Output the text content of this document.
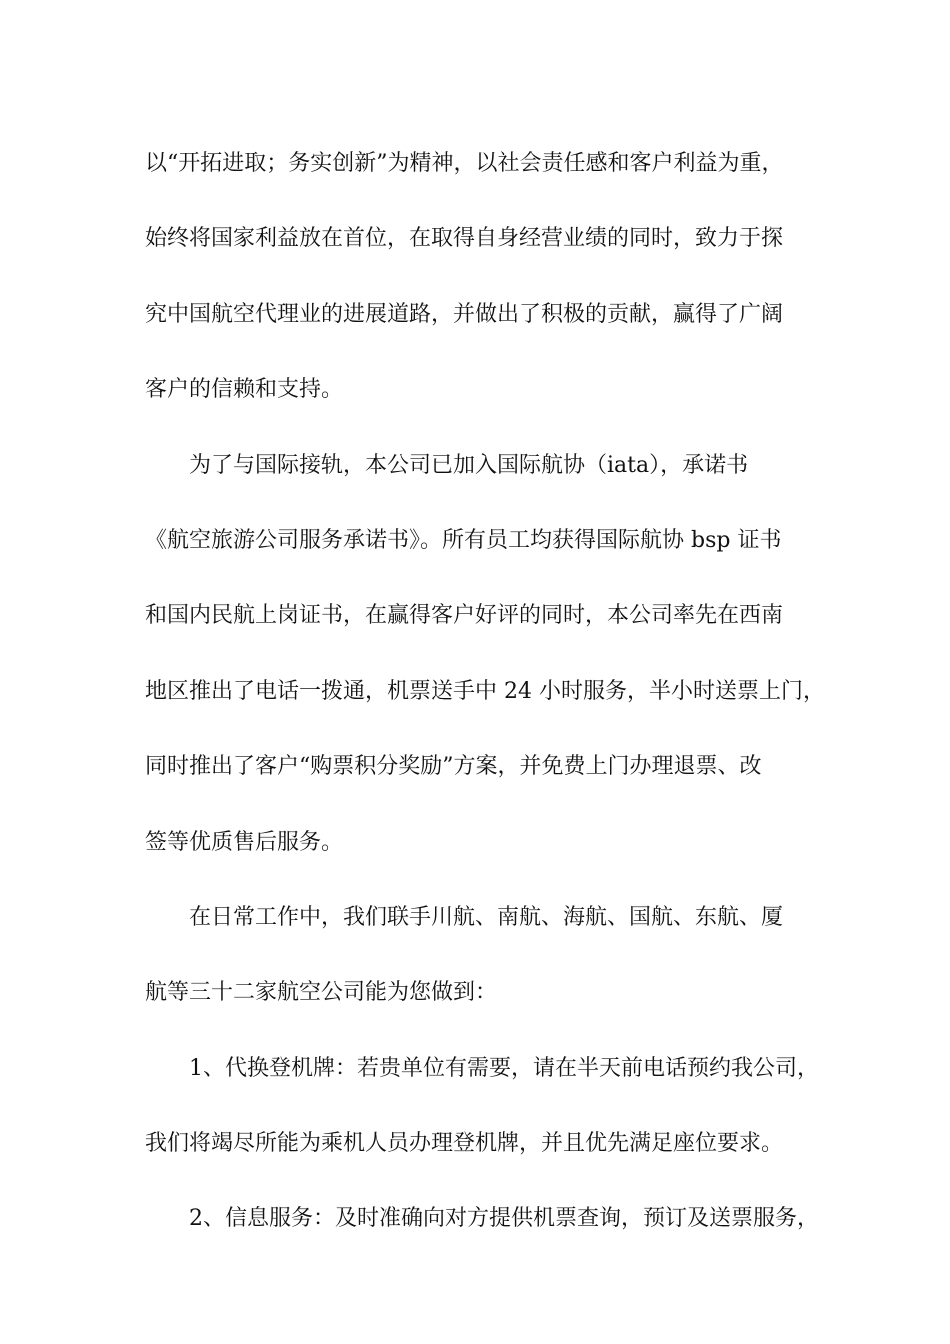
以“开拓进取；务实创新”为精神，以社会责任感和客户利益为重，
始终将国家利益放在首位，在取得自身经营业绩的同时，致力于探
究中国航空代理业的进展道路，并做出了积极的贡献，赢得了广阔
客户的信赖和支持。
为了与国际接轨，本公司已加入国际航协（iata），承诺书
《航空旅游公司服务承诺书》。所有员工均获得国际航协 bsp 证书
和国内民航上岗证书，在赢得客户好评的同时，本公司率先在西南
地区推出了电话一拨通，机票送手中 24 小时服务，半小时送票上门，
同时推出了客户“购票积分奖励”方案，并免费上门办理退票、改
签等优质售后服务。
在日常工作中，我们联手川航、南航、海航、国航、东航、厦
航等三十二家航空公司能为您做到：
1、代换登机牌：若贵单位有需要，请在半天前电话预约我公司，
我们将竭尽所能为乘机人员办理登机牌，并且优先满足座位要求。
2、信息服务：及时准确向对方提供机票查询，预订及送票服务，
